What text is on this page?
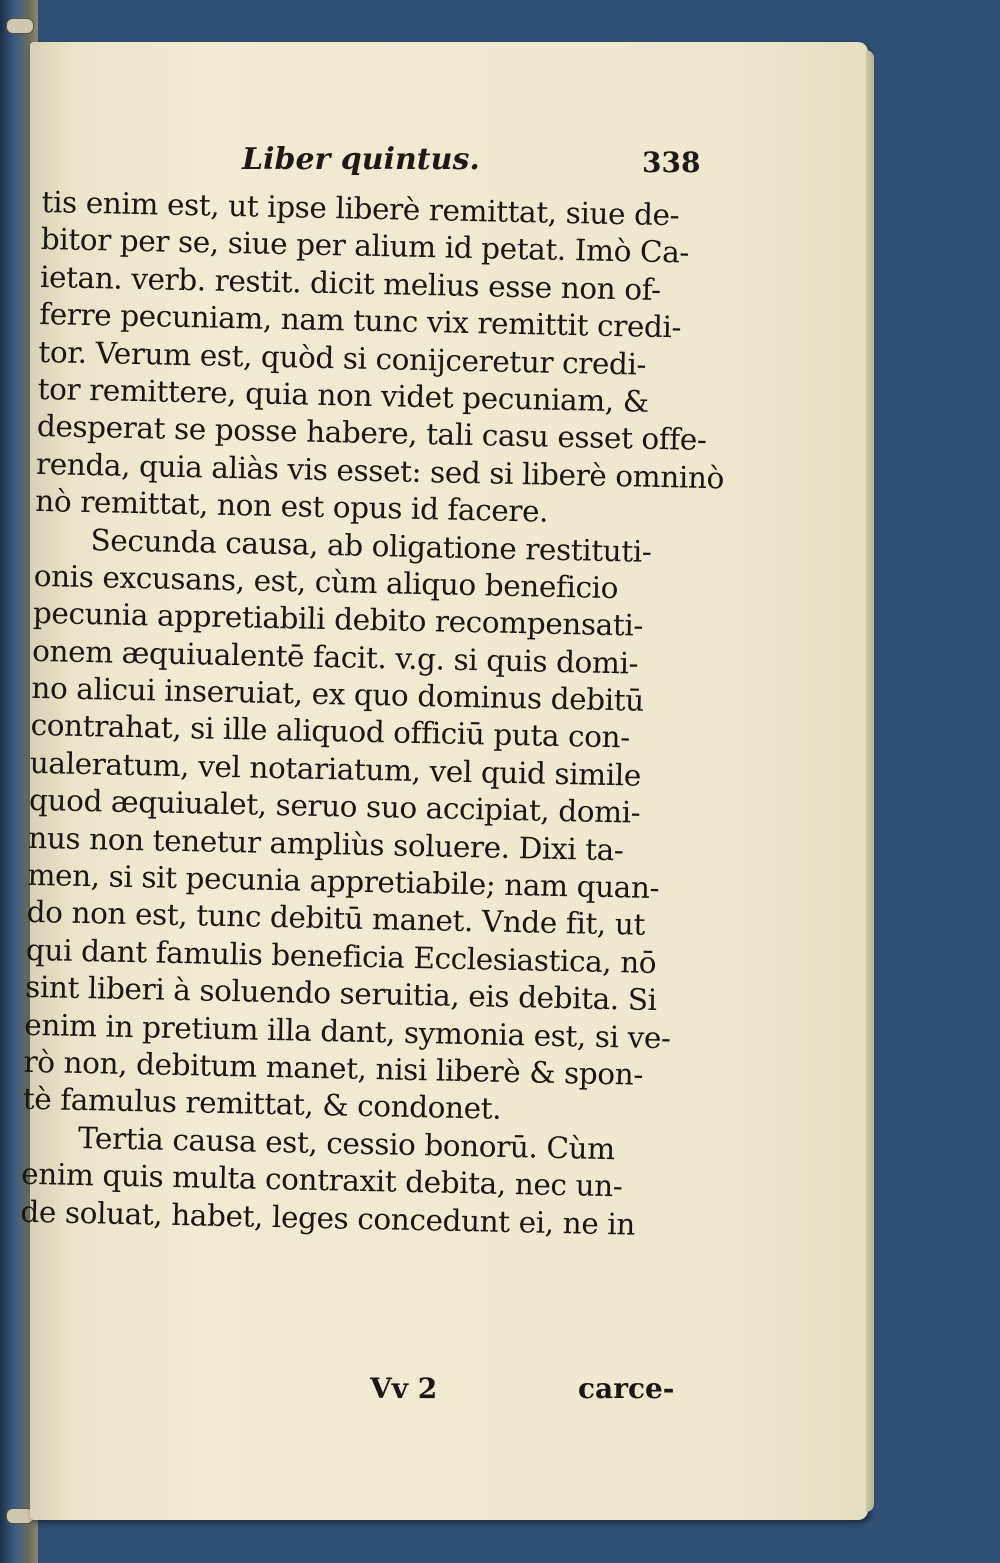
Liber quintus.	338
tis enim est, ut ipse liberè remittat, siue de-
bitor per se, siue per alium id petat. Imò Ca-
ietan. verb. restit. dicit melius esse non of-
ferre pecuniam, nam tunc vix remittit credi-
tor. Verum est, quòd si conijceretur credi-
tor remittere, quia non videt pecuniam, &
desperat se posse habere, tali casu esset offe-
renda, quia aliàs vis esset: sed si liberè omninò
nò remittat, non est opus id facere.
Secunda causa, ab oligatione restituti-
onis excusans, est, cùm aliquo beneficio
pecunia appretiabili debito recompensati-
onem æquiualentē facit. v.g. si quis domi-
no alicui inseruiat, ex quo dominus debitū
contrahat, si ille aliquod officiū puta con-
ualeratum, vel notariatum, vel quid simile
quod æquiualet, seruo suo accipiat, domi-
nus non tenetur ampliùs soluere. Dixi ta-
men, si sit pecunia appretiabile; nam quan-
do non est, tunc debitū manet. Vnde fit, ut
qui dant famulis beneficia Ecclesiastica, nō
sint liberi à soluendo seruitia, eis debita. Si
enim in pretium illa dant, symonia est, si ve-
rò non, debitum manet, nisi liberè & spon-
tè famulus remittat, & condonet.
Tertia causa est, cessio bonorū. Cùm
enim quis multa contraxit debita, nec un-
de soluat, habet, leges concedunt ei, ne in
Vv 2	carce-
